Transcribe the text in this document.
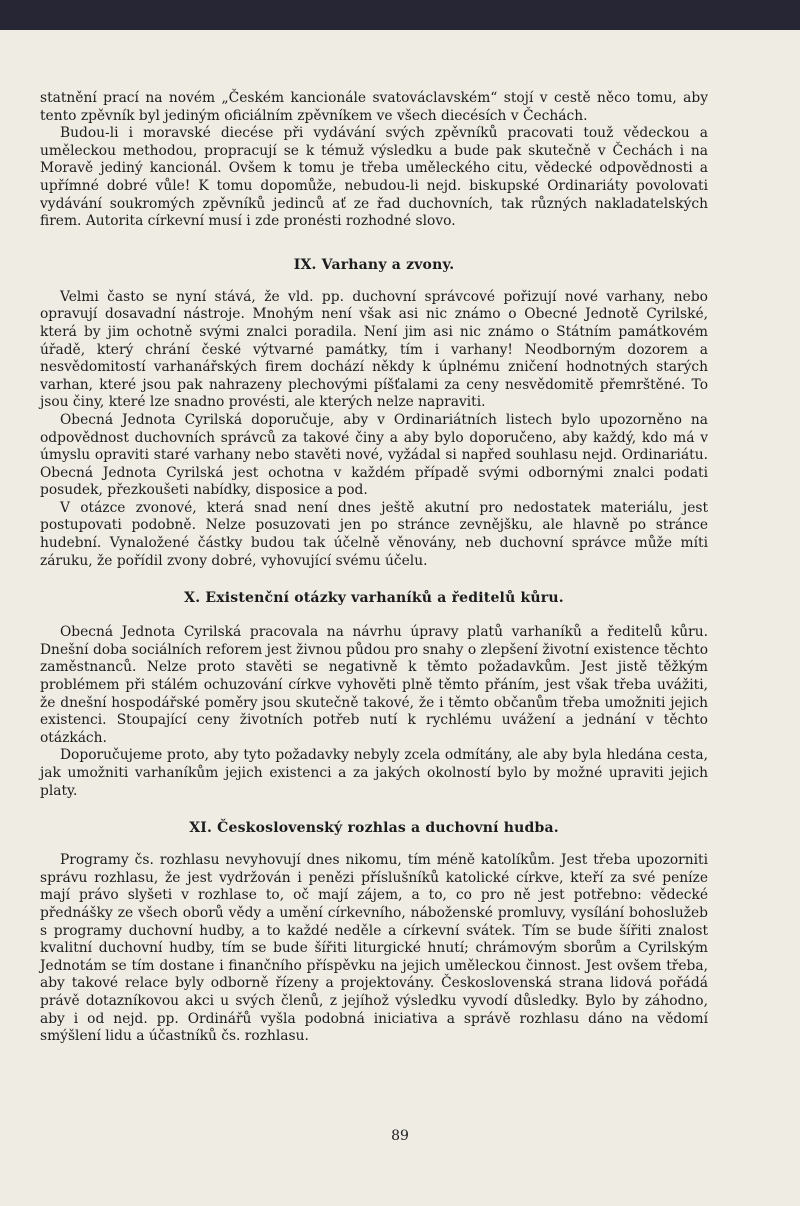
statnění prací na novém „Českém kancionále svatováclavském“ stojí v cestě něco tomu, aby tento zpěvník byl jediným oficiálním zpěvníkem ve všech diecésích v Čechách.

Budou-li i moravské diecése při vydávání svých zpěvníků pracovati touž vědeckou a uměleckou methodou, propracují se k témuž výsledku a bude pak skutečně v Čechách i na Moravě jediný kancionál. Ovšem k tomu je třeba uměleckého citu, vědecké odpovědnosti a upřímné dobré vůle! K tomu dopomůže, nebudou-li nejd. biskupské Ordinariáty povolovati vydávání soukromých zpěvníků jedinců ať ze řad duchovních, tak různých nakladatelských firem. Autorita církevní musí i zde pronésti rozhodné slovo.

IX. Varhany a zvony.

Velmi často se nyní stává, že vld. pp. duchovní správcové pořizují nové varhany, nebo opravují dosavadní nástroje. Mnohým není však asi nic známo o Obecné Jednotě Cyrilské, která by jim ochotně svými znalci poradila. Není jim asi nic známo o Státním památkovém úřadě, který chrání české výtvarné památky, tím i varhany! Neodborným dozorem a nesvědomitostí varhanářských firem dochází někdy k úplnému zničení hodnotných starých varhan, které jsou pak nahrazeny plechovými píšťalami za ceny nesvědomitě přemrštěné. To jsou činy, které lze snadno provésti, ale kterých nelze napraviti.

Obecná Jednota Cyrilská doporučuje, aby v Ordinariátních listech bylo upozorněno na odpovědnost duchovních správců za takové činy a aby bylo doporučeno, aby každý, kdo má v úmyslu opraviti staré varhany nebo stavěti nové, vyžádal si napřed souhlasu nejd. Ordinariátu. Obecná Jednota Cyrilská jest ochotna v každém případě svými odbornými znalci podati posudek, přezkoušeti nabídky, disposice a pod.

V otázce zvonové, která snad není dnes ještě akutní pro nedostatek materiálu, jest postupovati podobně. Nelze posuzovati jen po stránce zevnějšku, ale hlavně po stránce hudební. Vynaložené částky budou tak účelně věnovány, neb duchovní správce může míti záruku, že pořídil zvony dobré, vyhovující svému účelu.

X. Existenční otázky varhaníků a ředitelů kůru.

Obecná Jednota Cyrilská pracovala na návrhu úpravy platů varhaníků a ředitelů kůru. Dnešní doba sociálních reforem jest živnou půdou pro snahy o zlepšení životní existence těchto zaměstnanců. Nelze proto stavěti se negativně k těmto požadavkům. Jest jistě těžkým problémem při stálém ochuzování církve vyhověti plně těmto přáním, jest však třeba uvážiti, že dnešní hospodářské poměry jsou skutečně takové, že i těmto občanům třeba umožniti jejich existenci. Stoupající ceny životních potřeb nutí k rychlému uvážení a jednání v těchto otázkách.

Doporučujeme proto, aby tyto požadavky nebyly zcela odmítány, ale aby byla hledána cesta, jak umožniti varhaníkům jejich existenci a za jakých okolností bylo by možné upraviti jejich platy.

XI. Československý rozhlas a duchovní hudba.

Programy čs. rozhlasu nevyhovují dnes nikomu, tím méně katolíkům. Jest třeba upozorniti správu rozhlasu, že jest vydržován i penězi příslušníků katolické církve, kteří za své peníze mají právo slyšeti v rozhlase to, oč mají zájem, a to, co pro ně jest potřebno: vědecké přednášky ze všech oborů vědy a umění církevního, náboženské promluvy, vysílání bohoslužeb s programy duchovní hudby, a to každé neděle a církevní svátek. Tím se bude šířiti znalost kvalitní duchovní hudby, tím se bude šířiti liturgické hnutí; chrámovým sborům a Cyrilským Jednotám se tím dostane i finančního příspěvku na jejich uměleckou činnost. Jest ovšem třeba, aby takové relace byly odborně řízeny a projektovány. Československá strana lidová pořádá právě dotazníkovou akci u svých členů, z jejíhož výsledku vyvodí důsledky. Bylo by záhodno, aby i od nejd. pp. Ordinářů vyšla podobná iniciativa a správě rozhlasu dáno na vědomí smýšlení lidu a účastníků čs. rozhlasu.

89
